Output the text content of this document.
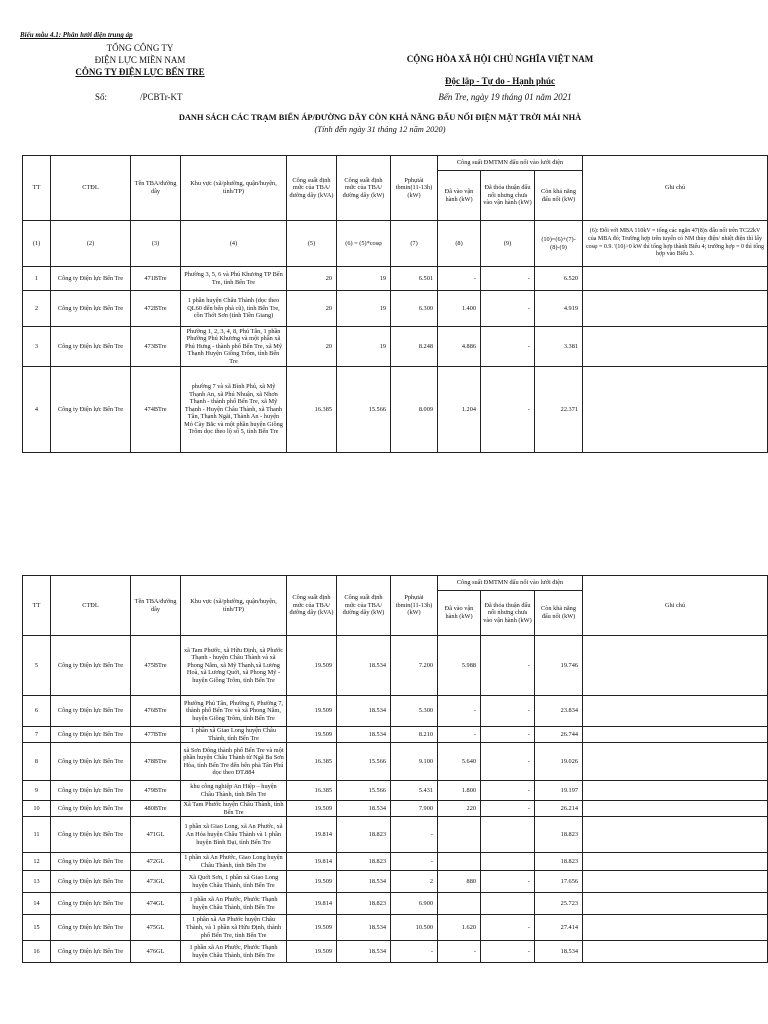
Biểu mẫu 4.1: Phân lưới điện trung áp
TỔNG CÔNG TY
ĐIỆN LỰC MIỀN NAM
CÔNG TY ĐIỆN LỰC BẾN TRE
CỘNG HÒA XÃ HỘI CHỦ NGHĨA VIỆT NAM
Độc lập - Tự do - Hạnh phúc
Số:	/PCBTr-KT	Bến Tre, ngày 19 tháng 01 năm 2021
DANH SÁCH CÁC TRẠM BIẾN ÁP/ĐƯỜNG DÂY CÒN KHẢ NĂNG ĐẤU NỐI ĐIỆN MẶT TRỜI MÁI NHÀ
(Tính đến ngày 31 tháng 12 năm 2020)
TT	CTĐL	Tên TBA/đường dây	Khu vực (xã/phường, quận/huyện, tỉnh/TP)	Công suất định mức của TBA/đường dây (kVA)	Công suất định mức của TBA/đường dây (kW)	Pphụtải tbmin(11-13h) (kW)	Công suất ĐMTMN đấu nối vào lưới điện			Ghi chú
							Đã vào vận hành (kW)	Đã thỏa thuận đấu nối nhưng chưa vào vận hành (kW)	Còn khả năng đấu nối (kW)	
(1)	(2)	(3)	(4)	(5)	(6) = (5)*cosφ	(7)	(8)	(9)	(10)=(6)+(7)-(8)-(9)	(6): Đối với MBA 110kV = tổng các ngăn 47(8)x đấu nối trên TC22kV của MBA đó; Trường hợp trên tuyến có NM thủy điện/ nhiệt điện thì lấy cosφ = 0.9. '(10)>0 kW thì tổng hợp thành Biểu 4; trường hợp = 0 thì tổng hợp vào Biểu 3.
1	Công ty Điện lực Bến Tre	471BTre	Phường 3, 5, 6 và Phú Khương TP Bến Tre, tỉnh Bến Tre	20	19	6.501	-	-	6.520	
2	Công ty Điện lực Bến Tre	472BTre	1 phần huyện Châu Thành (dọc theo QL60 đến bến phà cũ), tỉnh Bến Tre, cồn Thới Sơn (tỉnh Tiền Giang)	20	19	6.300	1.400	-	4.919	
3	Công ty Điện lực Bến Tre	473BTre	Phường 1, 2, 3, 4, 8, Phú Tân, 1 phần Phường Phú Khương và một phần xã Phú Hưng - thành phố Bến Tre, xã Mỹ Thạnh Huyện Giồng Trôm, tỉnh Bến Tre	20	19	8.248	4.886	-	3.381	
4	Công ty Điện lực Bến Tre	474BTre	phường 7 và xã Bình Phú, xã Mỹ Thạnh An, xã Phú Nhuận, xã Nhơn Thạnh - thành phố Bến Tre, xã Mỹ Thạnh - Huyện Châu Thành, xã Thanh Tân, Thạnh Ngãi, Thành An - huyện Mỏ Cày Bắc và một phần huyện Giồng Trôm dọc theo lộ số 5, tỉnh Bến Tre	16.385	15.566	8.009	1.204	-	22.371	
TT	CTĐL	Tên TBA/đường dây	Khu vực (xã/phường, quận/huyện, tỉnh/TP)	Công suất định mức của TBA/đường dây (kVA)	Công suất định mức của TBA/đường dây (kW)	Pphụtải tbmin(11-13h) (kW)	Công suất ĐMTMN đấu nối vào lưới điện			Ghi chú
							Đã vào vận hành (kW)	Đã thỏa thuận đấu nối nhưng chưa vào vận hành (kW)	Còn khả năng đấu nối (kW)	
5	Công ty Điện lực Bến Tre	475BTre	xã Tam Phước, xã Hữu Định, xã Phước Thạnh - huyện Châu Thành và xã Phong Nẫm, xã Mỹ Thạnh,xã Lương Hoà, xã Lương Quới, xã Phong Mỹ - huyện Giồng Trôm, tỉnh Bến Tre	19.509	18.534	7.200	5.988	-	19.746	
6	Công ty Điện lực Bến Tre	476BTre	Phường Phú Tân, Phường 6, Phường 7, thành phố Bến Tre và xã Phong Nẫm, huyện Giồng Trôm, tỉnh Bến Tre	19.509	18.534	5.300	-	-	23.834	
7	Công ty Điện lực Bến Tre	477BTre	1 phần xã Giao Long huyện Châu Thành, tỉnh Bến Tre	19.509	18.534	8.210	-	-	26.744	
8	Công ty Điện lực Bến Tre	478BTre	xã Sơn Đông thành phố Bến Tre và một phần huyện Châu Thành từ Ngã Ba Sơn Hòa, tỉnh Bến Tre đến bến phà Tân Phú dọc theo ĐT.884	16.385	15.566	9.100	5.640	-	19.026	
9	Công ty Điện lực Bến Tre	479BTre	khu công nghiệp An Hiệp – huyện Châu Thành, tỉnh Bến Tre	16.385	15.566	5.431	1.800	-	19.197	
10	Công ty Điện lực Bến Tre	480BTre	Xã Tam Phước huyện Châu Thành, tỉnh Bến Tre	19.509	18.534	7.900	220	-	26.214	
11	Công ty Điện lực Bến Tre	471GL	1 phần xã Giao Long, xã An Phước, xã An Hóa huyện Châu Thành và 1 phần huyện Bình Đại, tỉnh Bến Tre	19.814	18.823	-			18.823	
12	Công ty Điện lực Bến Tre	472GL	1 phần xã An Phước, Giao Long huyện Châu Thành, tỉnh Bến Tre	19.814	18.823	-			18.823	
13	Công ty Điện lực Bến Tre	473GL	Xã Quới Sơn, 1 phần xã Giao Long huyện Châu Thành, tỉnh Bến Tre	19.509	18.534	2	880	-	17.656	
14	Công ty Điện lực Bến Tre	474GL	1 phần xã An Phước, Phước Thạnh huyện Châu Thành, tỉnh Bến Tre	19.814	18.823	6.900			25.723	
15	Công ty Điện lực Bến Tre	475GL	1 phần xã An Phước huyện Châu Thành, và 1 phần xã Hữu Định, thành phố Bến Tre, tỉnh Bến Tre	19.509	18.534	10.500	1.620	-	27.414	
16	Công ty Điện lực Bến Tre	476GL	1 phần xã An Phước, Phước Thạnh huyện Châu Thành, tỉnh Bến Tre	19.509	18.534	-	-	-	18.534	
